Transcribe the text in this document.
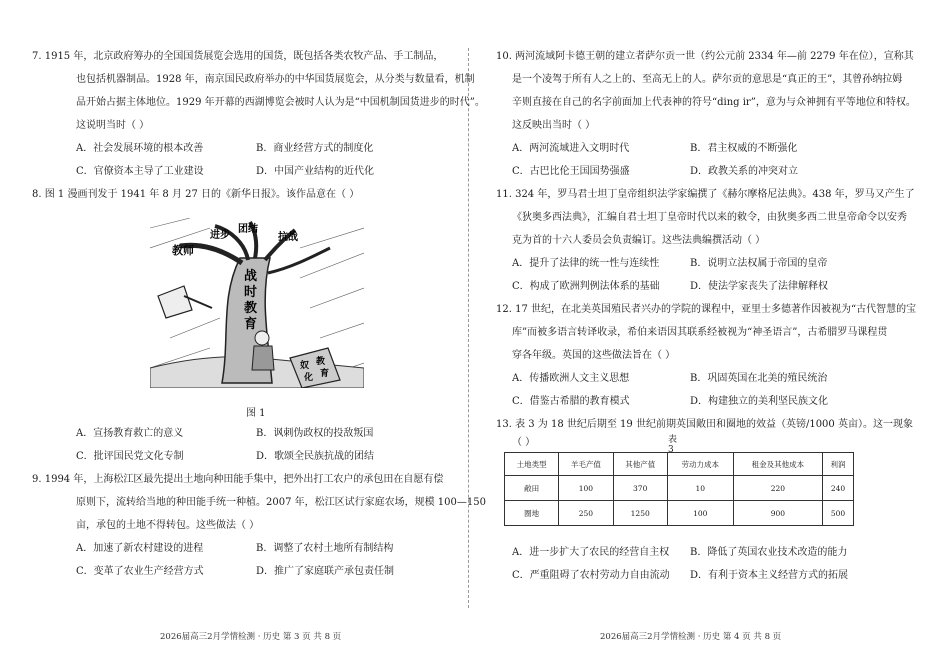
7. 1915 年，北京政府筹办的全国国货展览会选用的国货，既包括各类农牧产品、手工制品，
也包括机器制品。1928 年，南京国民政府举办的中华国货展览会，从分类与数量看，机制
品开始占据主体地位。1929 年开幕的西湖博览会被时人认为是“中国机制国货进步的时代”。
这说明当时（ ）
A．社会发展环境的根本改善	B．商业经营方式的制度化
C．官僚资本主导了工业建设	D．中国产业结构的近代化
8. 图 1 漫画刊发于 1941 年 8 月 27 日的《新华日报》。该作品意在（ ）
教师
进步
团结
抗战
战
时
教
育
奴 教
化 育
图 1
A．宣扬教育救亡的意义	B．讽刺伪政权的投敌叛国
C．批评国民党文化专制	D．歌颂全民族抗战的团结
9. 1994 年，上海松江区最先提出土地向种田能手集中，把外出打工农户的承包田在自愿有偿
原则下，流转给当地的种田能手统一种植。2007 年，松江区试行家庭农场，规模 100—150
亩，承包的土地不得转包。这些做法（ ）
A．加速了新农村建设的进程	B．调整了农村土地所有制结构
C．变革了农业生产经营方式	D．推广了家庭联产承包责任制
2026届高三2月学情检测 · 历史 第 3 页 共 8 页
10. 两河流域阿卡德王朝的建立者萨尔贡一世（约公元前 2334 年—前 2279 年在位），宣称其
是一个凌驾于所有人之上的、至高无上的人。萨尔贡的意思是“真正的王”，其曾孙纳拉姆
辛则直接在自己的名字前面加上代表神的符号“ding ir”，意为与众神拥有平等地位和特权。
这反映出当时（ ）
A．两河流域进入文明时代	B．君主权威的不断强化
C．古巴比伦王国国势强盛	D．政教关系的冲突对立
11. 324 年，罗马君士坦丁皇帝组织法学家编撰了《赫尔摩格尼法典》。438 年，罗马又产生了
《狄奥多西法典》，汇编自君士坦丁皇帝时代以来的敕令，由狄奥多西二世皇帝命令以安秀
克为首的十六人委员会负责编订。这些法典编撰活动（ ）
A．提升了法律的统一性与连续性	B．说明立法权属于帝国的皇帝
C．构成了欧洲判例法体系的基础	D．使法学家丧失了法律解释权
12. 17 世纪，在北美英国殖民者兴办的学院的课程中，亚里士多德著作因被视为“古代智慧的宝
库”而被多语言转译收录，希伯来语因其联系经被视为“神圣语言”，古希腊罗马课程贯
穿各年级。英国的这些做法旨在（ ）
A．传播欧洲人文主义思想	B．巩固英国在北美的殖民统治
C．借鉴古希腊的教育模式	D．构建独立的美利坚民族文化
13. 表 3 为 18 世纪后期至 19 世纪前期英国敞田和圈地的效益（英镑/1000 英亩）。这一现象
（ ）	表 3
土地类型	羊毛产值	其他产值	劳动力成本	租金及其他成本	利润
敞田	100	370	10	220	240
圈地	250	1250	100	900	500
A．进一步扩大了农民的经营自主权 B．降低了英国农业技术改造的能力
C．严重阻碍了农村劳动力自由流动 D．有利于资本主义经营方式的拓展
2026届高三2月学情检测 · 历史 第 4 页 共 8 页
